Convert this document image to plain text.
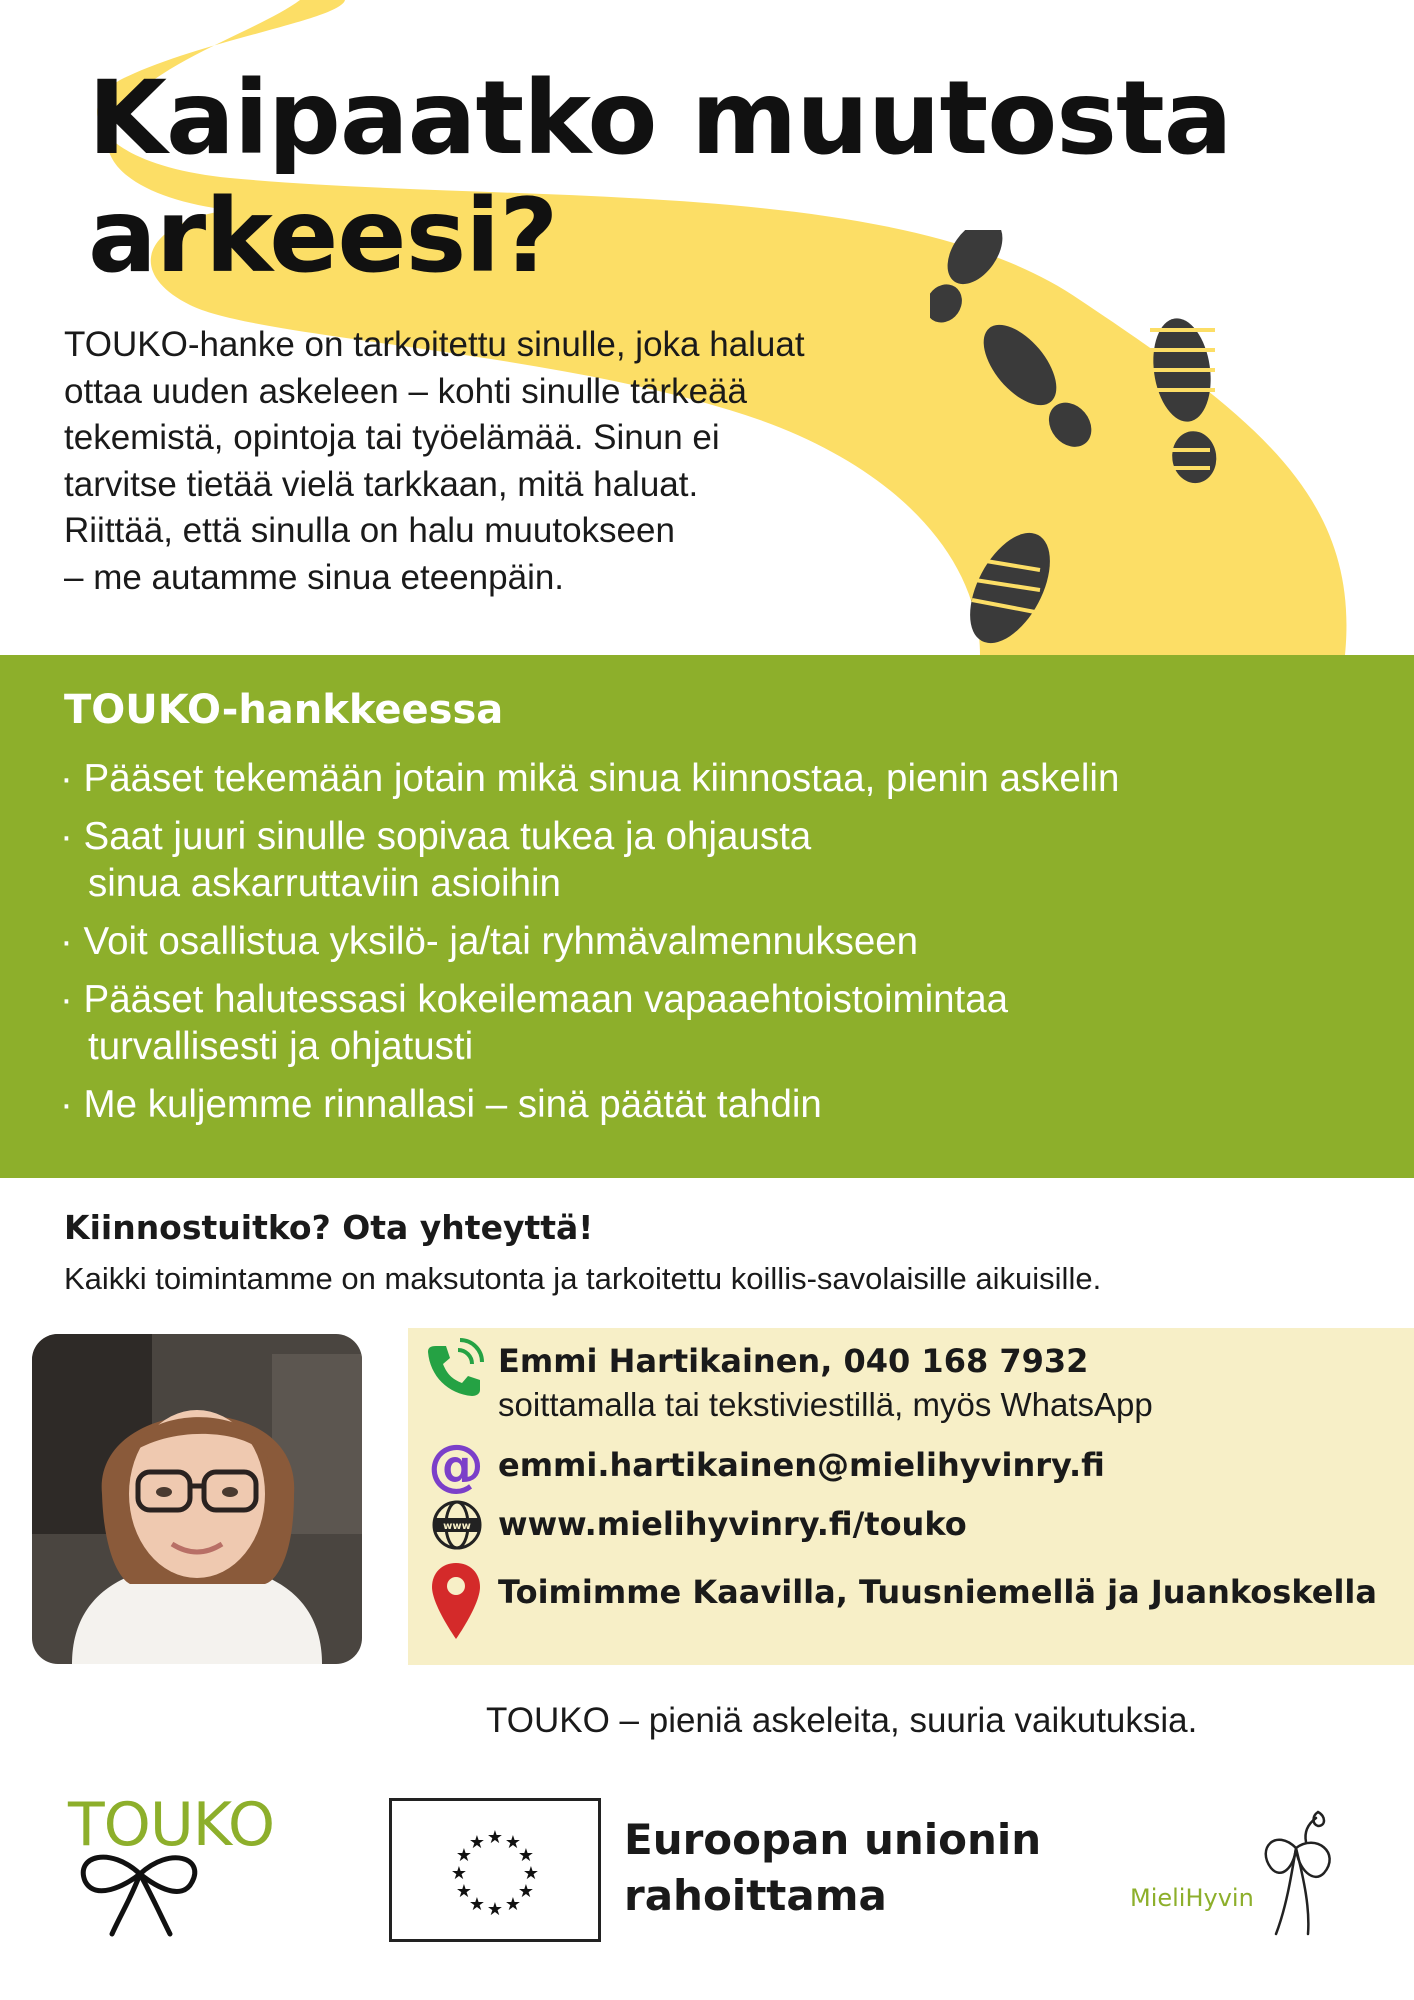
Kaipaatko muutosta
arkeesi?

TOUKO-hanke on tarkoitettu sinulle, joka haluat

ottaa uuden askeleen – kohti sinulle tärkeää

tekemistä, opintoja tai työelämää. Sinun ei

tarvitse tietää vielä tarkkaan, mitä haluat.

Riittää, että sinulla on halu muutokseen

– me autamme sinua eteenpäin.

TOUKO-hankkeessa
· Pääset tekemään jotain mikä sinua kiinnostaa, pienin askelin
· Saat juuri sinulle sopivaa tukea ja ohjausta
sinua askarruttaviin asioihin
· Voit osallistua yksilö- ja/tai ryhmävalmennukseen
· Pääset halutessasi kokeilemaan vapaaehtoistoimintaa
turvallisesti ja ohjatusti
· Me kuljemme rinnallasi – sinä päätät tahdin
Kiinnostuitko? Ota yhteyttä!

Kaikki toimintamme on maksutonta ja tarkoitettu koillis-savolaisille aikuisille.

Emmi Hartikainen, 040 168 7932
soittamalla tai tekstiviestillä, myös WhatsApp
@ emmi.hartikainen@mielihyvinry.fi
www www.mielihyvinry.fi/touko
Toimimme Kaavilla, Tuusniemellä ja Juankoskella

TOUKO – pieniä askeleita, suuria vaikutuksia.

TOUKO	★ ★
★
★
★
★
★
★
★
★
★
★	Euroopan unionin
rahoittama	MieliHyvin
